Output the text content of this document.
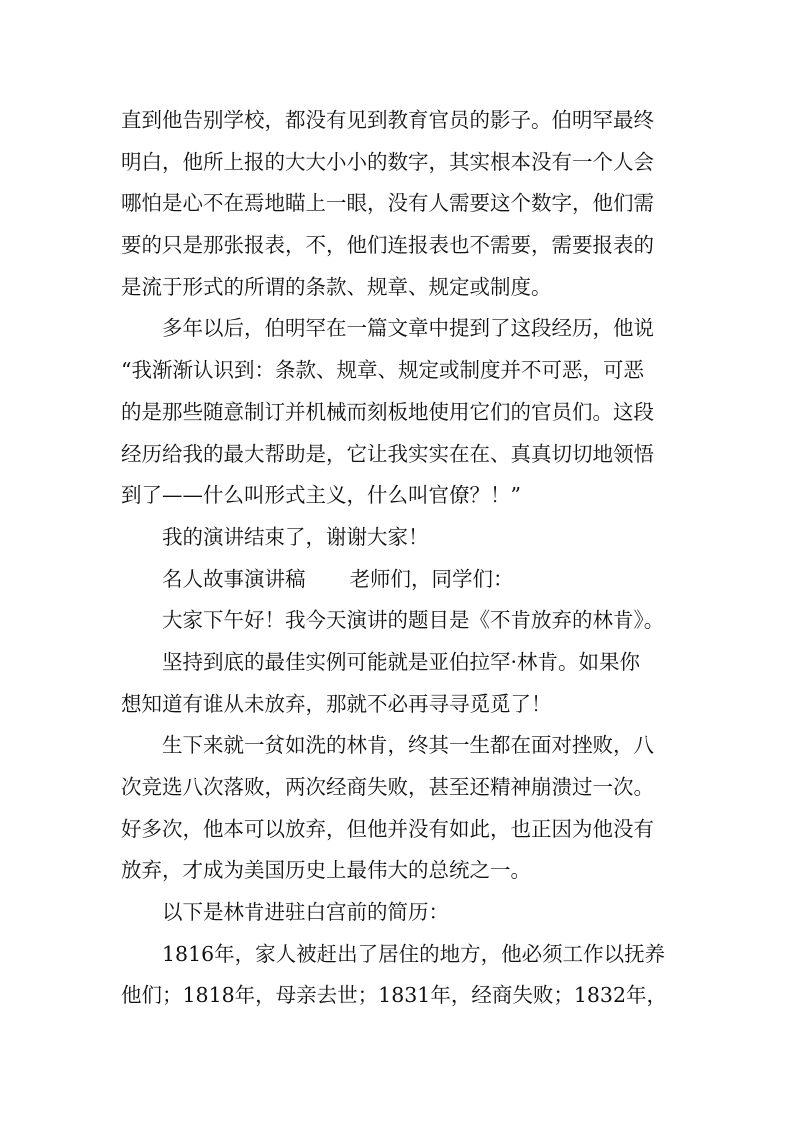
直到他告别学校，都没有见到教育官员的影子。伯明罕最终
明白，他所上报的大大小小的数字，其实根本没有一个人会
哪怕是心不在焉地瞄上一眼，没有人需要这个数字，他们需
要的只是那张报表，不，他们连报表也不需要，需要报表的
是流于形式的所谓的条款、规章、规定或制度。
多年以后，伯明罕在一篇文章中提到了这段经历，他说
“我渐渐认识到：条款、规章、规定或制度并不可恶，可恶
的是那些随意制订并机械而刻板地使用它们的官员们。这段
经历给我的最大帮助是，它让我实实在在、真真切切地领悟
到了——什么叫形式主义，什么叫官僚？！”
我的演讲结束了，谢谢大家！
名人故事演讲稿 老师们，同学们：
大家下午好！我今天演讲的题目是《不肯放弃的林肯》。
坚持到底的最佳实例可能就是亚伯拉罕·林肯。如果你
想知道有谁从未放弃，那就不必再寻寻觅觅了！
生下来就一贫如洗的林肯，终其一生都在面对挫败，八
次竞选八次落败，两次经商失败，甚至还精神崩溃过一次。
好多次，他本可以放弃，但他并没有如此，也正因为他没有
放弃，才成为美国历史上最伟大的总统之一。
以下是林肯进驻白宫前的简历：
1816年，家人被赶出了居住的地方，他必须工作以抚养
他们；1818年，母亲去世；1831年，经商失败；1832年，
